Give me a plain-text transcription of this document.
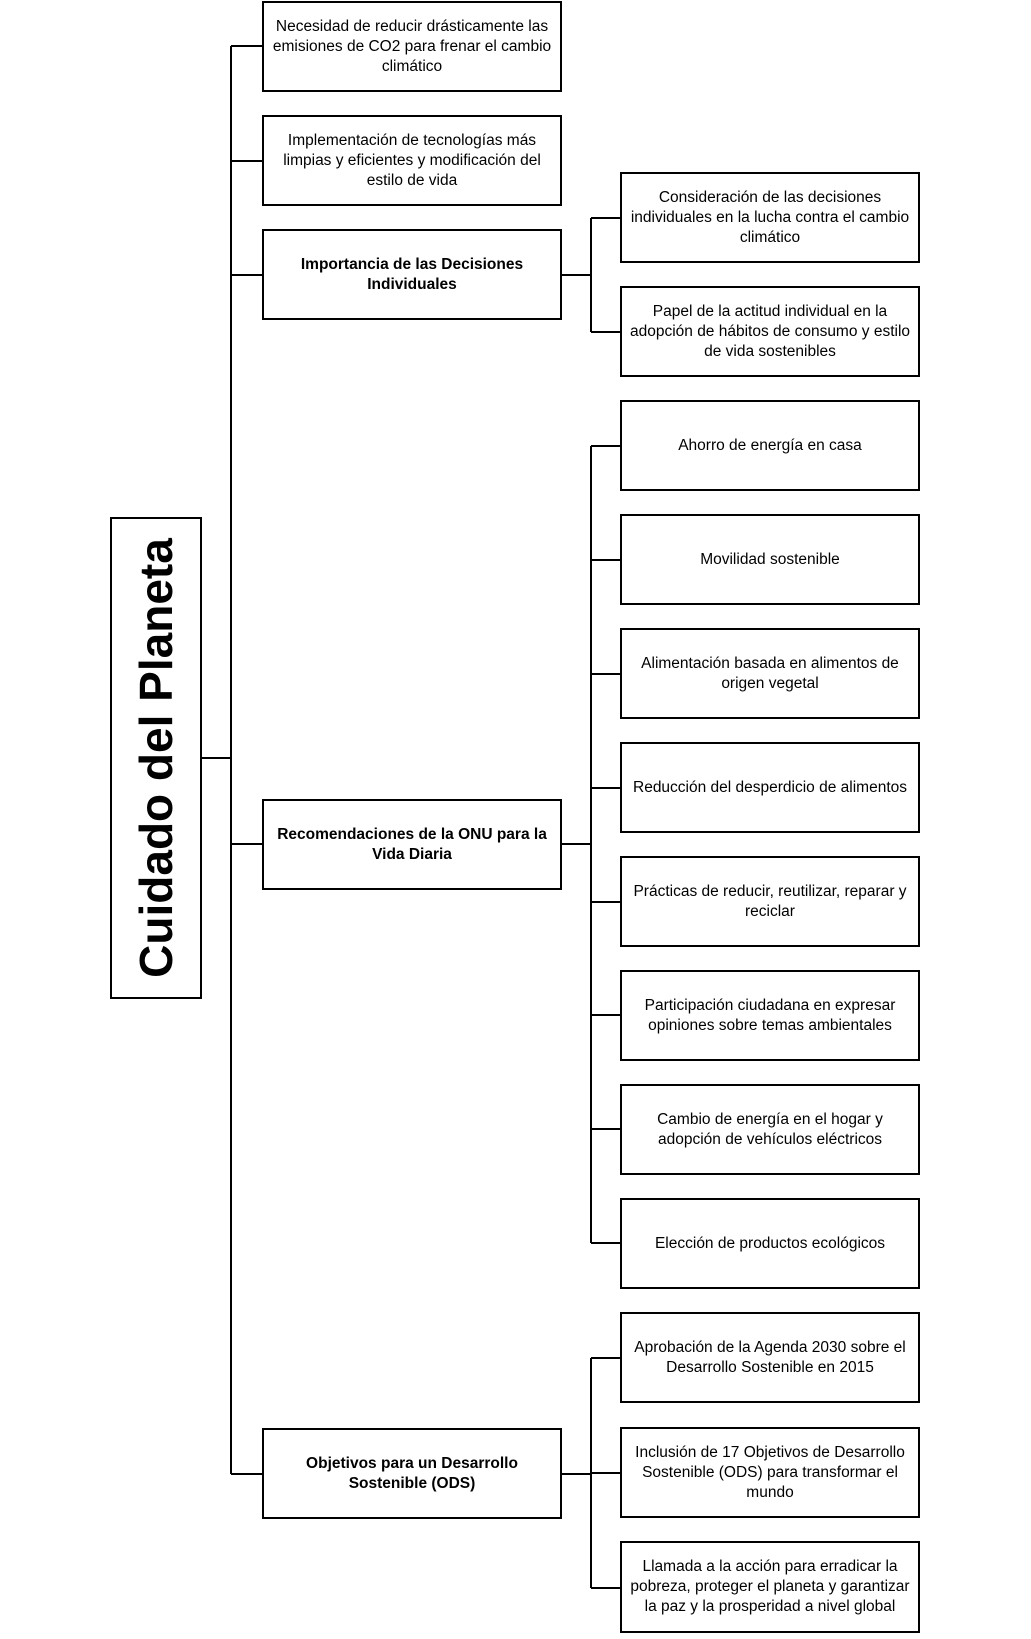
Cuidado del Planeta
Necesidad de reducir drásticamente las emisiones de CO2 para frenar el cambio climático
Implementación de tecnologías más limpias y eficientes y modificación del estilo de vida
Importancia de las Decisiones Individuales
Recomendaciones de la ONU para la Vida Diaria
Objetivos para un Desarrollo Sostenible (ODS)
Consideración de las decisiones individuales en la lucha contra el cambio climático
Papel de la actitud individual en la adopción de hábitos de consumo y estilo de vida sostenibles
Ahorro de energía en casa
Movilidad sostenible
Alimentación basada en alimentos de origen vegetal
Reducción del desperdicio de alimentos
Prácticas de reducir, reutilizar, reparar y reciclar
Participación ciudadana en expresar opiniones sobre temas ambientales
Cambio de energía en el hogar y adopción de vehículos eléctricos
Elección de productos ecológicos
Aprobación de la Agenda 2030 sobre el Desarrollo Sostenible en 2015
Inclusión de 17 Objetivos de Desarrollo Sostenible (ODS) para transformar el mundo
Llamada a la acción para erradicar la pobreza, proteger el planeta y garantizar la paz y la prosperidad a nivel global
